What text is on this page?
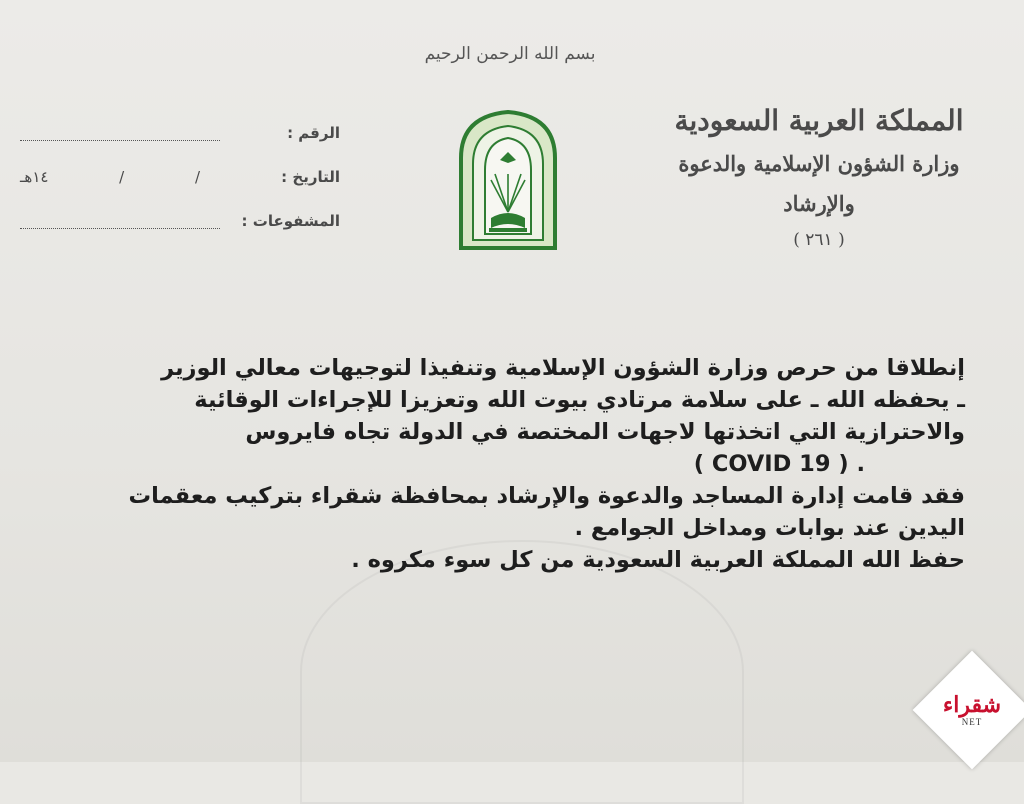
بسم الله الرحمن الرحيم
المملكة العربية السعودية
وزارة الشؤون الإسلامية والدعوة والإرشاد
( ٢٦١ )
الرقم :
التاريخ :
١٤هـ	/	/
المشفوعات :

إنطلاقا من حرص وزارة الشؤون الإسلامية وتنفيذا لتوجيهات معالي الوزير

ـ يحفظه الله ـ على سلامة مرتادي بيوت الله وتعزيزا للإجراءات الوقائية

والاحترازية التي اتخذتها لاجهات المختصة في الدولة تجاه فايروس

( COVID 19 ) .

فقد قامت إدارة المساجد والدعوة والإرشاد بمحافظة شقراء بتركيب معقمات

اليدين عند بوابات ومداخل الجوامع .

حفظ الله المملكة العربية السعودية من كل سوء مكروه .

شقراء
NET
